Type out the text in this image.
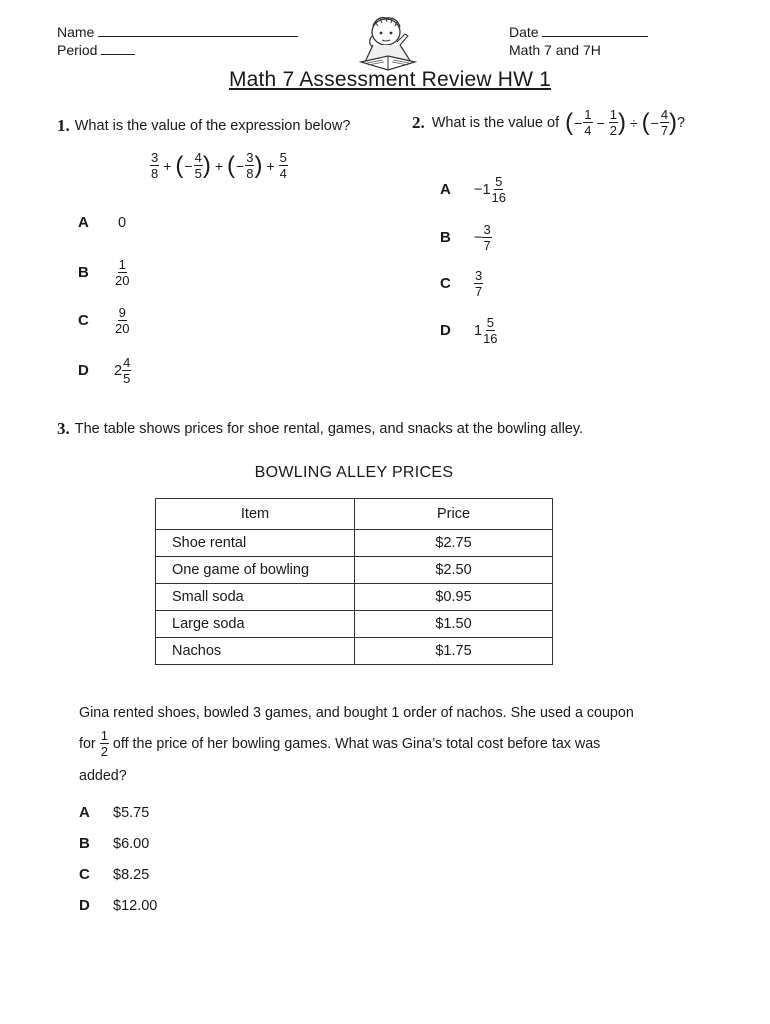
Name
Period
Date
Math 7 and 7H
Math 7 Assessment Review HW 1
1. What is the value of the expression below?
$\frac{3}{8}$ + ( − $\frac{4}{5}$ ) + ( − $\frac{3}{8}$ ) + $\frac{5}{4}$
A	0
B	$\frac{1}{20}$
C	$\frac{9}{20}$
D	$2 \frac{4}{5}$
2. What is the value of ( − $\frac{1}{4} - \frac{1}{2}$ ) ÷ ( − $\frac{4}{7}$ ) ?
A	$-1 \frac{5}{16}$
B	− $\frac{3}{7}$
C	$\frac{3}{7}$
D	$1 \frac{5}{16}$
3. The table shows prices for shoe rental, games, and snacks at the bowling alley.
BOWLING ALLEY PRICES
Item	Price
Shoe rental	$2.75
One game of bowling	$2.50
Small soda	$0.95
Large soda	$1.50
Nachos	$1.75
Gina rented shoes, bowled 3 games, and bought 1 order of nachos. She used a coupon
for $\frac{1}{2}$ off the price of her bowling games. What was Gina’s total cost before tax was
added?
A	$5.75
B	$6.00
C	$8.25
D	$12.00
